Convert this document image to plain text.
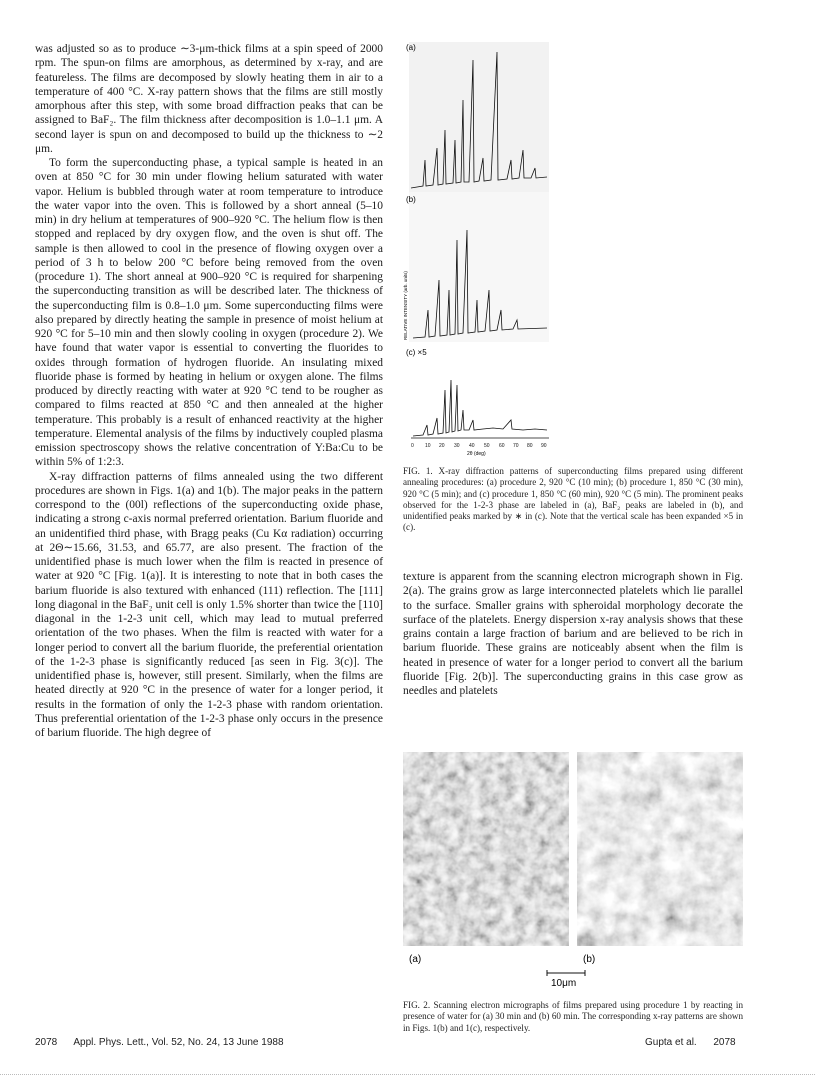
was adjusted so as to produce ∼3-μm-thick films at a spin speed of 2000 rpm. The spun-on films are amorphous, as determined by x-ray, and are featureless. The films are decomposed by slowly heating them in air to a temperature of 400 °C. X-ray pattern shows that the films are still mostly amorphous after this step, with some broad diffraction peaks that can be assigned to BaF₂. The film thickness after decomposition is 1.0–1.1 μm. A second layer is spun on and decomposed to build up the thickness to ∼2 μm.

To form the superconducting phase, a typical sample is heated in an oven at 850 °C for 30 min under flowing helium saturated with water vapor. Helium is bubbled through water at room temperature to introduce the water vapor into the oven. This is followed by a short anneal (5–10 min) in dry helium at temperatures of 900–920 °C. The helium flow is then stopped and replaced by dry oxygen flow, and the oven is shut off. The sample is then allowed to cool in the presence of flowing oxygen over a period of 3 h to below 200 °C before being removed from the oven (procedure 1). The short anneal at 900–920 °C is required for sharpening the superconducting transition as will be described later. The thickness of the superconducting film is 0.8–1.0 μm. Some superconducting films were also prepared by directly heating the sample in presence of moist helium at 920 °C for 5–10 min and then slowly cooling in oxygen (procedure 2). We have found that water vapor is essential to converting the fluorides to oxides through formation of hydrogen fluoride. An insulating mixed fluoride phase is formed by heating in helium or oxygen alone. The films produced by directly reacting with water at 920 °C tend to be rougher as compared to films reacted at 850 °C and then annealed at the higher temperature. This probably is a result of enhanced reactivity at the higher temperature. Elemental analysis of the films by inductively coupled plasma emission spectroscopy shows the relative concentration of Y:Ba:Cu to be within 5% of 1:2:3.

X-ray diffraction patterns of films annealed using the two different procedures are shown in Figs. 1(a) and 1(b). The major peaks in the pattern correspond to the (00l) reflections of the superconducting oxide phase, indicating a strong c-axis normal preferred orientation. Barium fluoride and an unidentified third phase, with Bragg peaks (Cu Kα radiation) occurring at 2Θ∼15.66, 31.53, and 65.77, are also present. The fraction of the unidentified phase is much lower when the film is reacted in presence of water at 920 °C [Fig. 1(a)]. It is interesting to note that in both cases the barium fluoride is also textured with enhanced (111) reflection. The [111] long diagonal in the BaF₂ unit cell is only 1.5% shorter than twice the [110] diagonal in the 1-2-3 unit cell, which may lead to mutual preferred orientation of the two phases. When the film is reacted with water for a longer period to convert all the barium fluoride, the preferential orientation of the 1-2-3 phase is significantly reduced [as seen in Fig. 3(c)]. The unidentified phase is, however, still present. Similarly, when the films are heated directly at 920 °C in the presence of water for a longer period, it results in the formation of only the 1-2-3 phase with random orientation. Thus preferential orientation of the 1-2-3 phase only occurs in the presence of barium fluoride. The high degree of

(a)
(b)
RELATIVE INTENSITY (arb. units)
(c) ×5
0 10 20 30 40 50 60 70 80 90
2θ (deg)
FIG. 1. X-ray diffraction patterns of superconducting films prepared using different annealing procedures: (a) procedure 2, 920 °C (10 min); (b) procedure 1, 850 °C (30 min), 920 °C (5 min); and (c) procedure 1, 850 °C (60 min), 920 °C (5 min). The prominent peaks observed for the 1-2-3 phase are labeled in (a), BaF₂ peaks are labeled in (b), and unidentified peaks marked by ∗ in (c). Note that the vertical scale has been expanded ×5 in (c).

texture is apparent from the scanning electron micrograph shown in Fig. 2(a). The grains grow as large interconnected platelets which lie parallel to the surface. Smaller grains with spheroidal morphology decorate the surface of the platelets. Energy dispersion x-ray analysis shows that these grains contain a large fraction of barium and are believed to be rich in barium fluoride. These grains are noticeably absent when the film is heated in presence of water for a longer period to convert all the barium fluoride [Fig. 2(b)]. The superconducting grains in this case grow as needles and platelets

(a)	(b)
10μm
FIG. 2. Scanning electron micrographs of films prepared using procedure 1 by reacting in presence of water for (a) 30 min and (b) 60 min. The corresponding x-ray patterns are shown in Figs. 1(b) and 1(c), respectively.
2078      Appl. Phys. Lett., Vol. 52, No. 24, 13 June 1988	Gupta et al.      2078
